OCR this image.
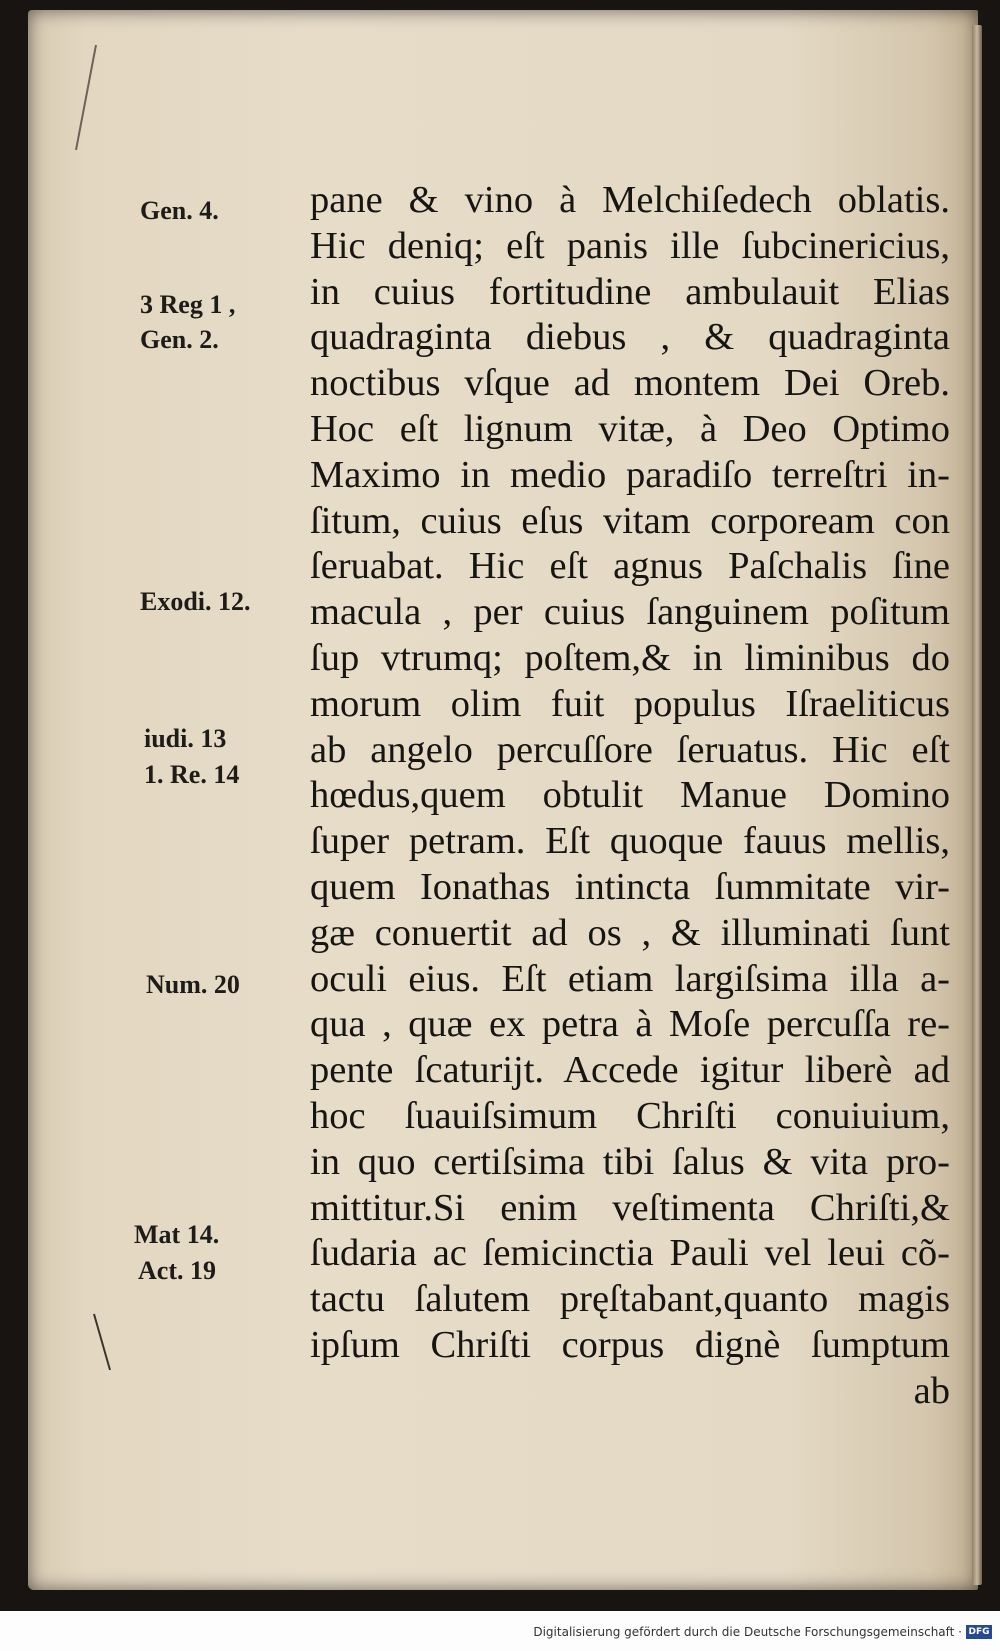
Gen. 4.
3 Reg 1 ,
Gen. 2.
Exodi. 12.
iudi. 13
1. Re. 14
Num. 20
Mat 14.
Act. 19
pane & vino à Melchiſedech oblatis.
Hic deniq; eſt panis ille ſubcinericius,
in cuius fortitudine ambulauit Elias
quadraginta diebus , & quadraginta
noctibus vſque ad montem Dei Oreb.
Hoc eſt lignum vitæ, à Deo Optimo
Maximo in medio paradiſo terreſtri in-
ſitum, cuius eſus vitam corpoream con
ſeruabat. Hic eſt agnus Paſchalis ſine
macula , per cuius ſanguinem poſitum
ſup vtrumq; poſtem,& in liminibus do
morum olim fuit populus Iſraeliticus
ab angelo percuſſore ſeruatus. Hic eſt
hœdus,quem obtulit Manue Domino
ſuper petram. Eſt quoque fauus mellis,
quem Ionathas intincta ſummitate vir-
gæ conuertit ad os , & illuminati ſunt
oculi eius. Eſt etiam largiſsima illa a-
qua , quæ ex petra à Moſe percuſſa re-
pente ſcaturijt. Accede igitur liberè ad
hoc ſuauiſsimum Chriſti conuiuium,
in quo certiſsima tibi ſalus & vita pro-
mittitur.Si enim veſtimenta Chriſti,&
ſudaria ac ſemicinctia Pauli vel leui cõ-
tactu ſalutem pręſtabant,quanto magis
ipſum Chriſti corpus dignè ſumptum
ab
Digitalisierung gefördert durch die Deutsche Forschungsgemeinschaft · DFG
